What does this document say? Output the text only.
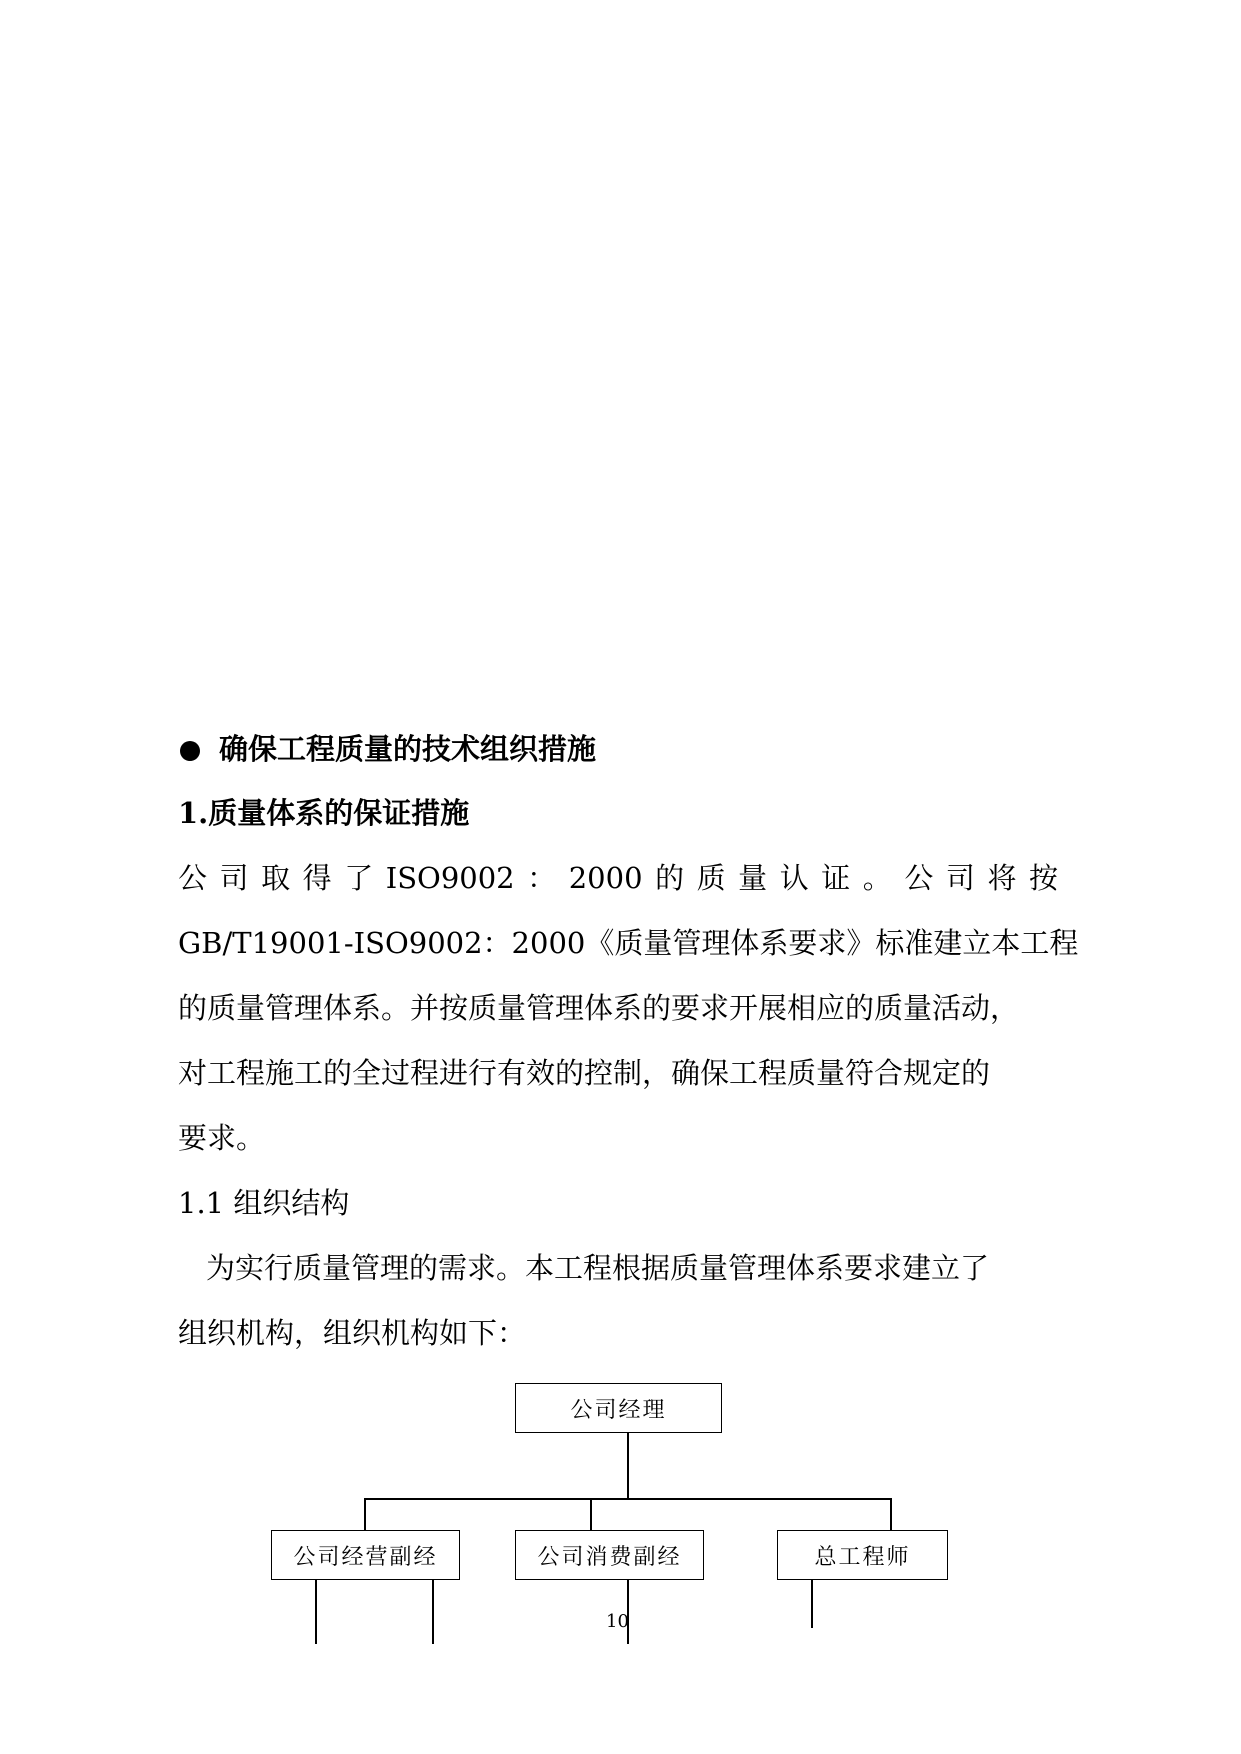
确保工程质量的技术组织措施
1.质量体系的保证措施
公 司 取 得 了 ISO9002 ： 2000 的 质 量 认 证 。 公 司 将 按
GB/T19001-ISO9002：2000《质量管理体系要求》标准建立本工程
的质量管理体系。并按质量管理体系的要求开展相应的质量活动，
对工程施工的全过程进行有效的控制，确保工程质量符合规定的
要求。
1.1 组织结构
为实行质量管理的需求。本工程根据质量管理体系要求建立了
组织机构，组织机构如下：
公司经理
公司经营副经	公司消费副经	总工程师
10
